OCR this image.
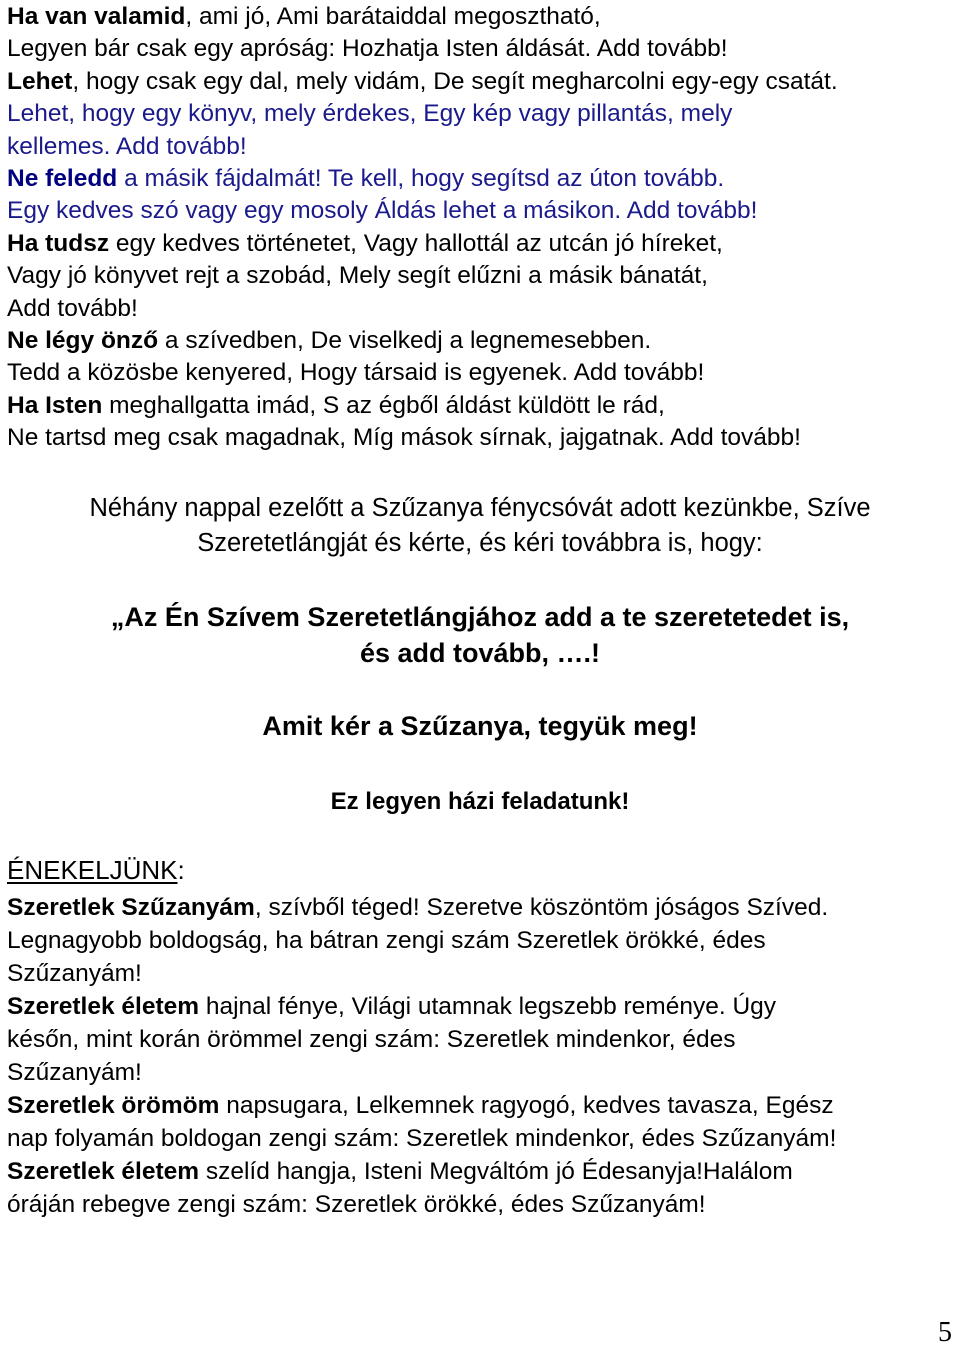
Ha van valamid, ami jó, Ami barátaiddal megosztható,
Legyen bár csak egy apróság: Hozhatja Isten áldását. Add tovább!
Lehet, hogy csak egy dal, mely vidám, De segít megharcolni egy-egy csatát.
Lehet, hogy egy könyv, mely érdekes, Egy kép vagy pillantás, mely
kellemes. Add tovább!
Ne feledd a másik fájdalmát! Te kell, hogy segítsd az úton tovább.
Egy kedves szó vagy egy mosoly Áldás lehet a másikon. Add tovább!
Ha tudsz egy kedves történetet, Vagy hallottál az utcán jó híreket,
Vagy jó könyvet rejt a szobád, Mely segít elűzni a másik bánatát,
Add tovább!
Ne légy önző a szívedben, De viselkedj a legnemesebben.
Tedd a közösbe kenyered, Hogy társaid is egyenek. Add tovább!
Ha Isten meghallgatta imád, S az égből áldást küldött le rád,
Ne tartsd meg csak magadnak, Míg mások sírnak, jajgatnak. Add tovább!
Néhány nappal ezelőtt a Szűzanya fénycsóvát adott kezünkbe, Szíve
Szeretetlángját és kérte, és kéri továbbra is, hogy:
„Az Én Szívem Szeretetlángjához add a te szeretetedet is,
és add tovább, ….!
Amit kér a Szűzanya, tegyük meg!
Ez legyen házi feladatunk!
ÉNEKELJÜNK:
Szeretlek Szűzanyám, szívből téged! Szeretve köszöntöm jóságos Szíved.
Legnagyobb boldogság, ha bátran zengi szám Szeretlek örökké, édes
Szűzanyám!
Szeretlek életem hajnal fénye, Világi utamnak legszebb reménye. Úgy
későn, mint korán örömmel zengi szám: Szeretlek mindenkor, édes
Szűzanyám!
Szeretlek örömöm napsugara, Lelkemnek ragyogó, kedves tavasza, Egész
nap folyamán boldogan zengi szám: Szeretlek mindenkor, édes Szűzanyám!
Szeretlek életem szelíd hangja, Isteni Megváltóm jó Édesanyja!Halálom
óráján rebegve zengi szám: Szeretlek örökké, édes Szűzanyám!
5
